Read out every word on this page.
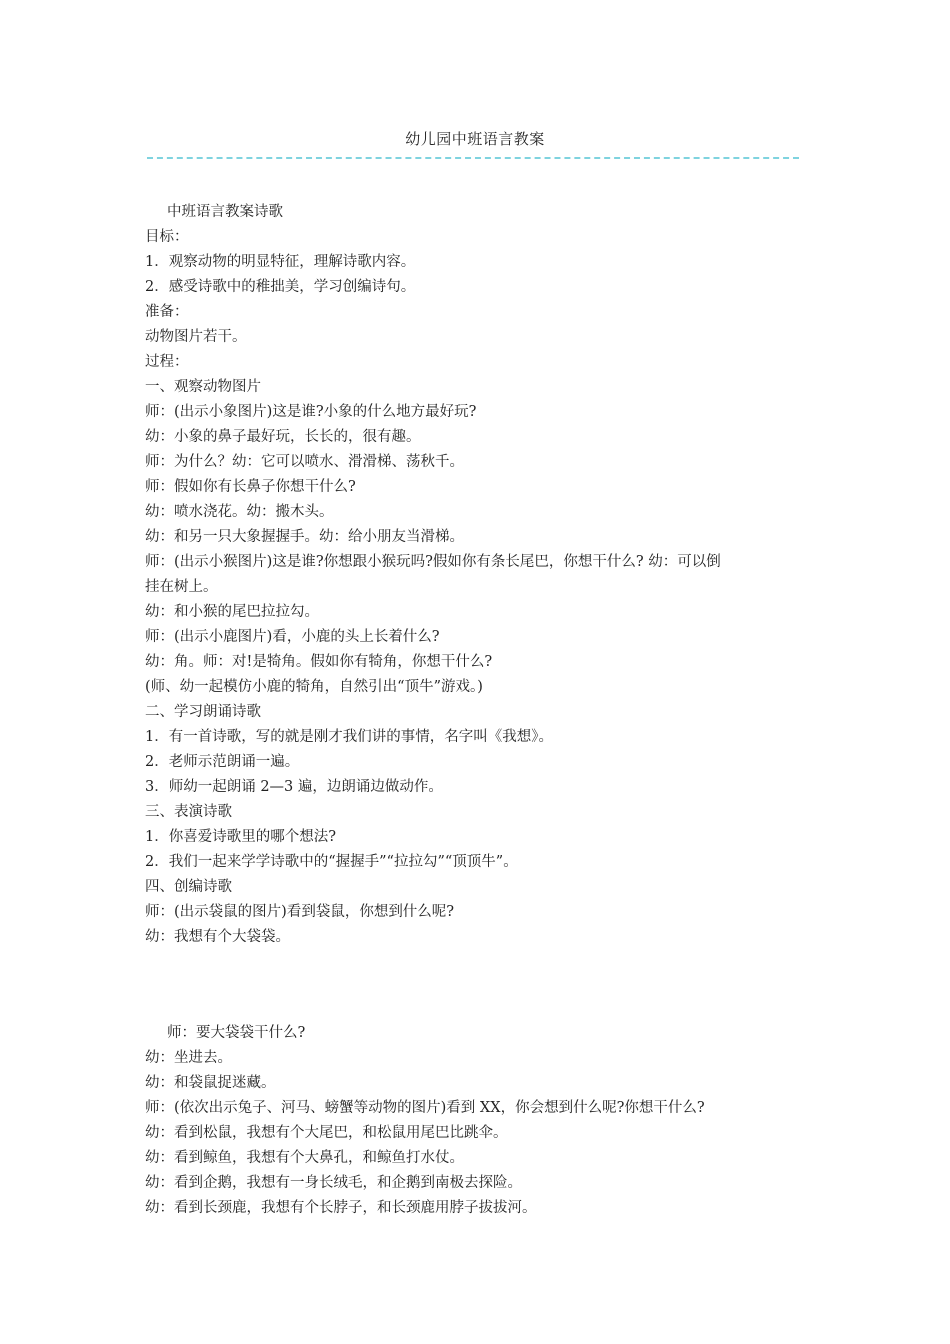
幼儿园中班语言教案

中班语言教案诗歌

目标：

1．观察动物的明显特征，理解诗歌内容。

2．感受诗歌中的稚拙美，学习创编诗句。

准备：

动物图片若干。

过程：

一、观察动物图片

师：(出示小象图片)这是谁?小象的什么地方最好玩?

幼：小象的鼻子最好玩，长长的，很有趣。

师：为什么？幼：它可以喷水、滑滑梯、荡秋千。

师：假如你有长鼻子你想干什么?

幼：喷水浇花。幼：搬木头。

幼：和另一只大象握握手。幼：给小朋友当滑梯。

师：(出示小猴图片)这是谁?你想跟小猴玩吗?假如你有条长尾巴，你想干什么? 幼：可以倒

挂在树上。

幼：和小猴的尾巴拉拉勾。

师：(出示小鹿图片)看，小鹿的头上长着什么?

幼：角。师：对!是犄角。假如你有犄角，你想干什么?

(师、幼一起模仿小鹿的犄角，自然引出“顶牛”游戏。)

二、学习朗诵诗歌

1．有一首诗歌，写的就是刚才我们讲的事情，名字叫《我想》。

2．老师示范朗诵一遍。

3．师幼一起朗诵 2—3 遍，边朗诵边做动作。

三、表演诗歌

1．你喜爱诗歌里的哪个想法?

2．我们一起来学学诗歌中的“握握手”“拉拉勾”“顶顶牛”。

四、创编诗歌

师：(出示袋鼠的图片)看到袋鼠，你想到什么呢?

幼：我想有个大袋袋。

师：要大袋袋干什么?

幼：坐进去。

幼：和袋鼠捉迷藏。

师：(依次出示兔子、河马、螃蟹等动物的图片)看到 XX，你会想到什么呢?你想干什么?

幼：看到松鼠，我想有个大尾巴，和松鼠用尾巴比跳伞。

幼：看到鲸鱼，我想有个大鼻孔，和鲸鱼打水仗。

幼：看到企鹅，我想有一身长绒毛，和企鹅到南极去探险。

幼：看到长颈鹿，我想有个长脖子，和长颈鹿用脖子拔拔河。
